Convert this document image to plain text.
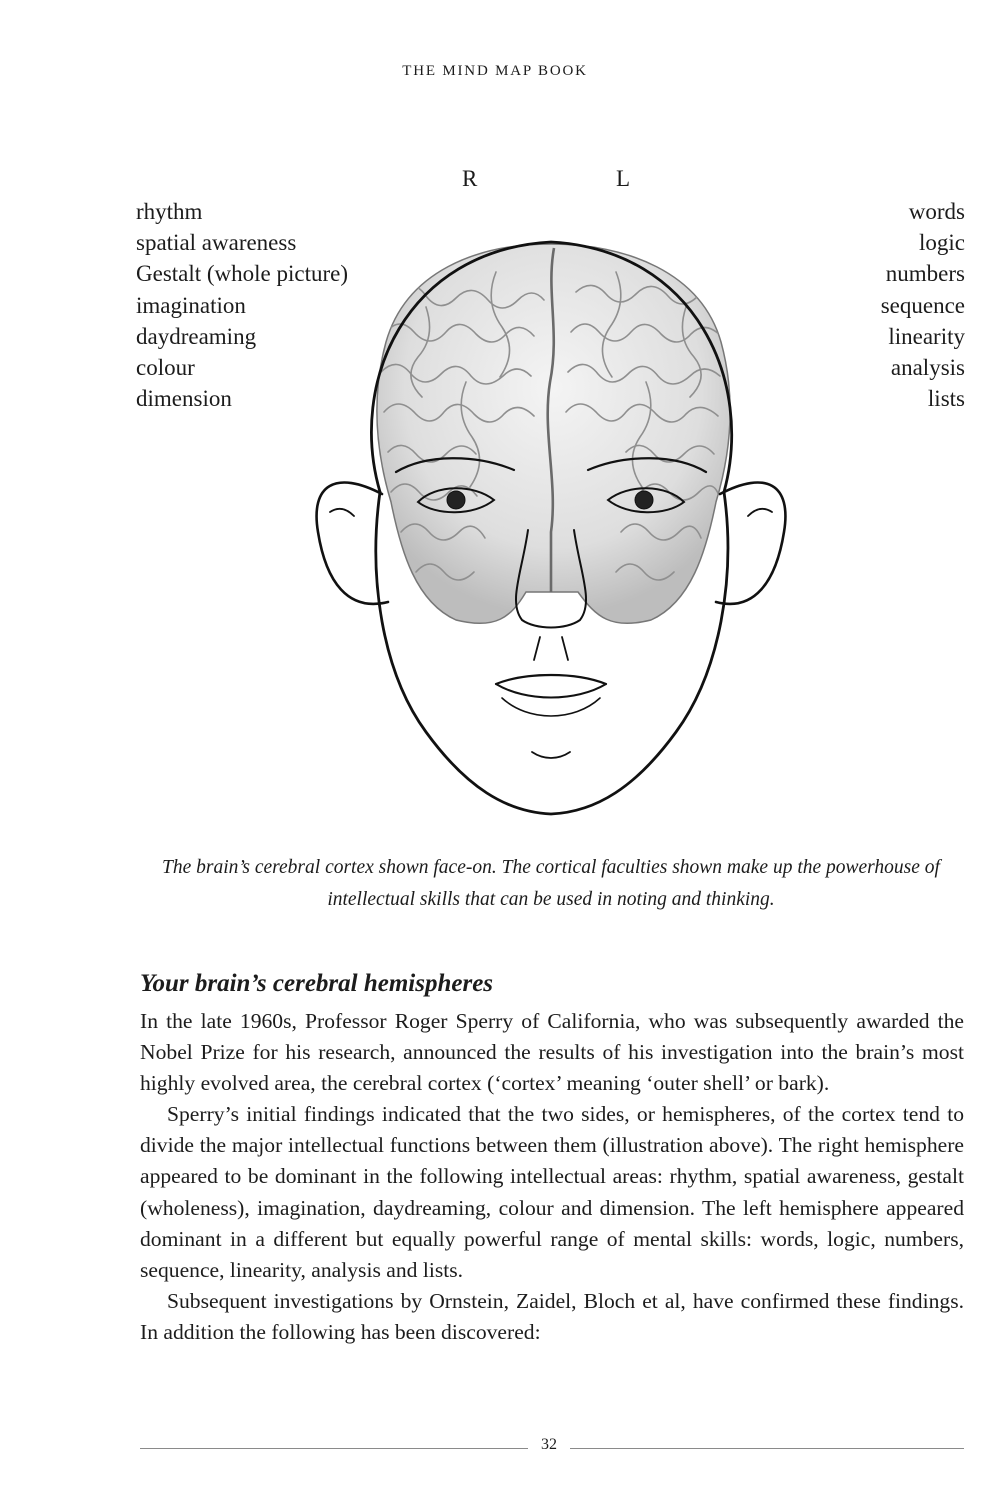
THE MIND MAP BOOK
R	L
rhythm
spatial awareness
Gestalt (whole picture)
imagination
daydreaming
colour
dimension
words
logic
numbers
sequence
linearity
analysis
lists
The brain’s cerebral cortex shown face-on. The cortical faculties shown make up the powerhouse of intellectual skills that can be used in noting and thinking.
Your brain’s cerebral hemispheres

In the late 1960s, Professor Roger Sperry of California, who was subsequently awarded the Nobel Prize for his research, announced the results of his investigation into the brain’s most highly evolved area, the cerebral cortex (‘cortex’ meaning ‘outer shell’ or bark).

Sperry’s initial findings indicated that the two sides, or hemispheres, of the cortex tend to divide the major intellectual functions between them (illustration above). The right hemisphere appeared to be dominant in the following intellectual areas: rhythm, spatial awareness, gestalt (wholeness), imagination, daydreaming, colour and dimension. The left hemisphere appeared dominant in a different but equally powerful range of mental skills: words, logic, numbers, sequence, linearity, analysis and lists.

Subsequent investigations by Ornstein, Zaidel, Bloch et al, have confirmed these findings. In addition the following has been discovered:

32
